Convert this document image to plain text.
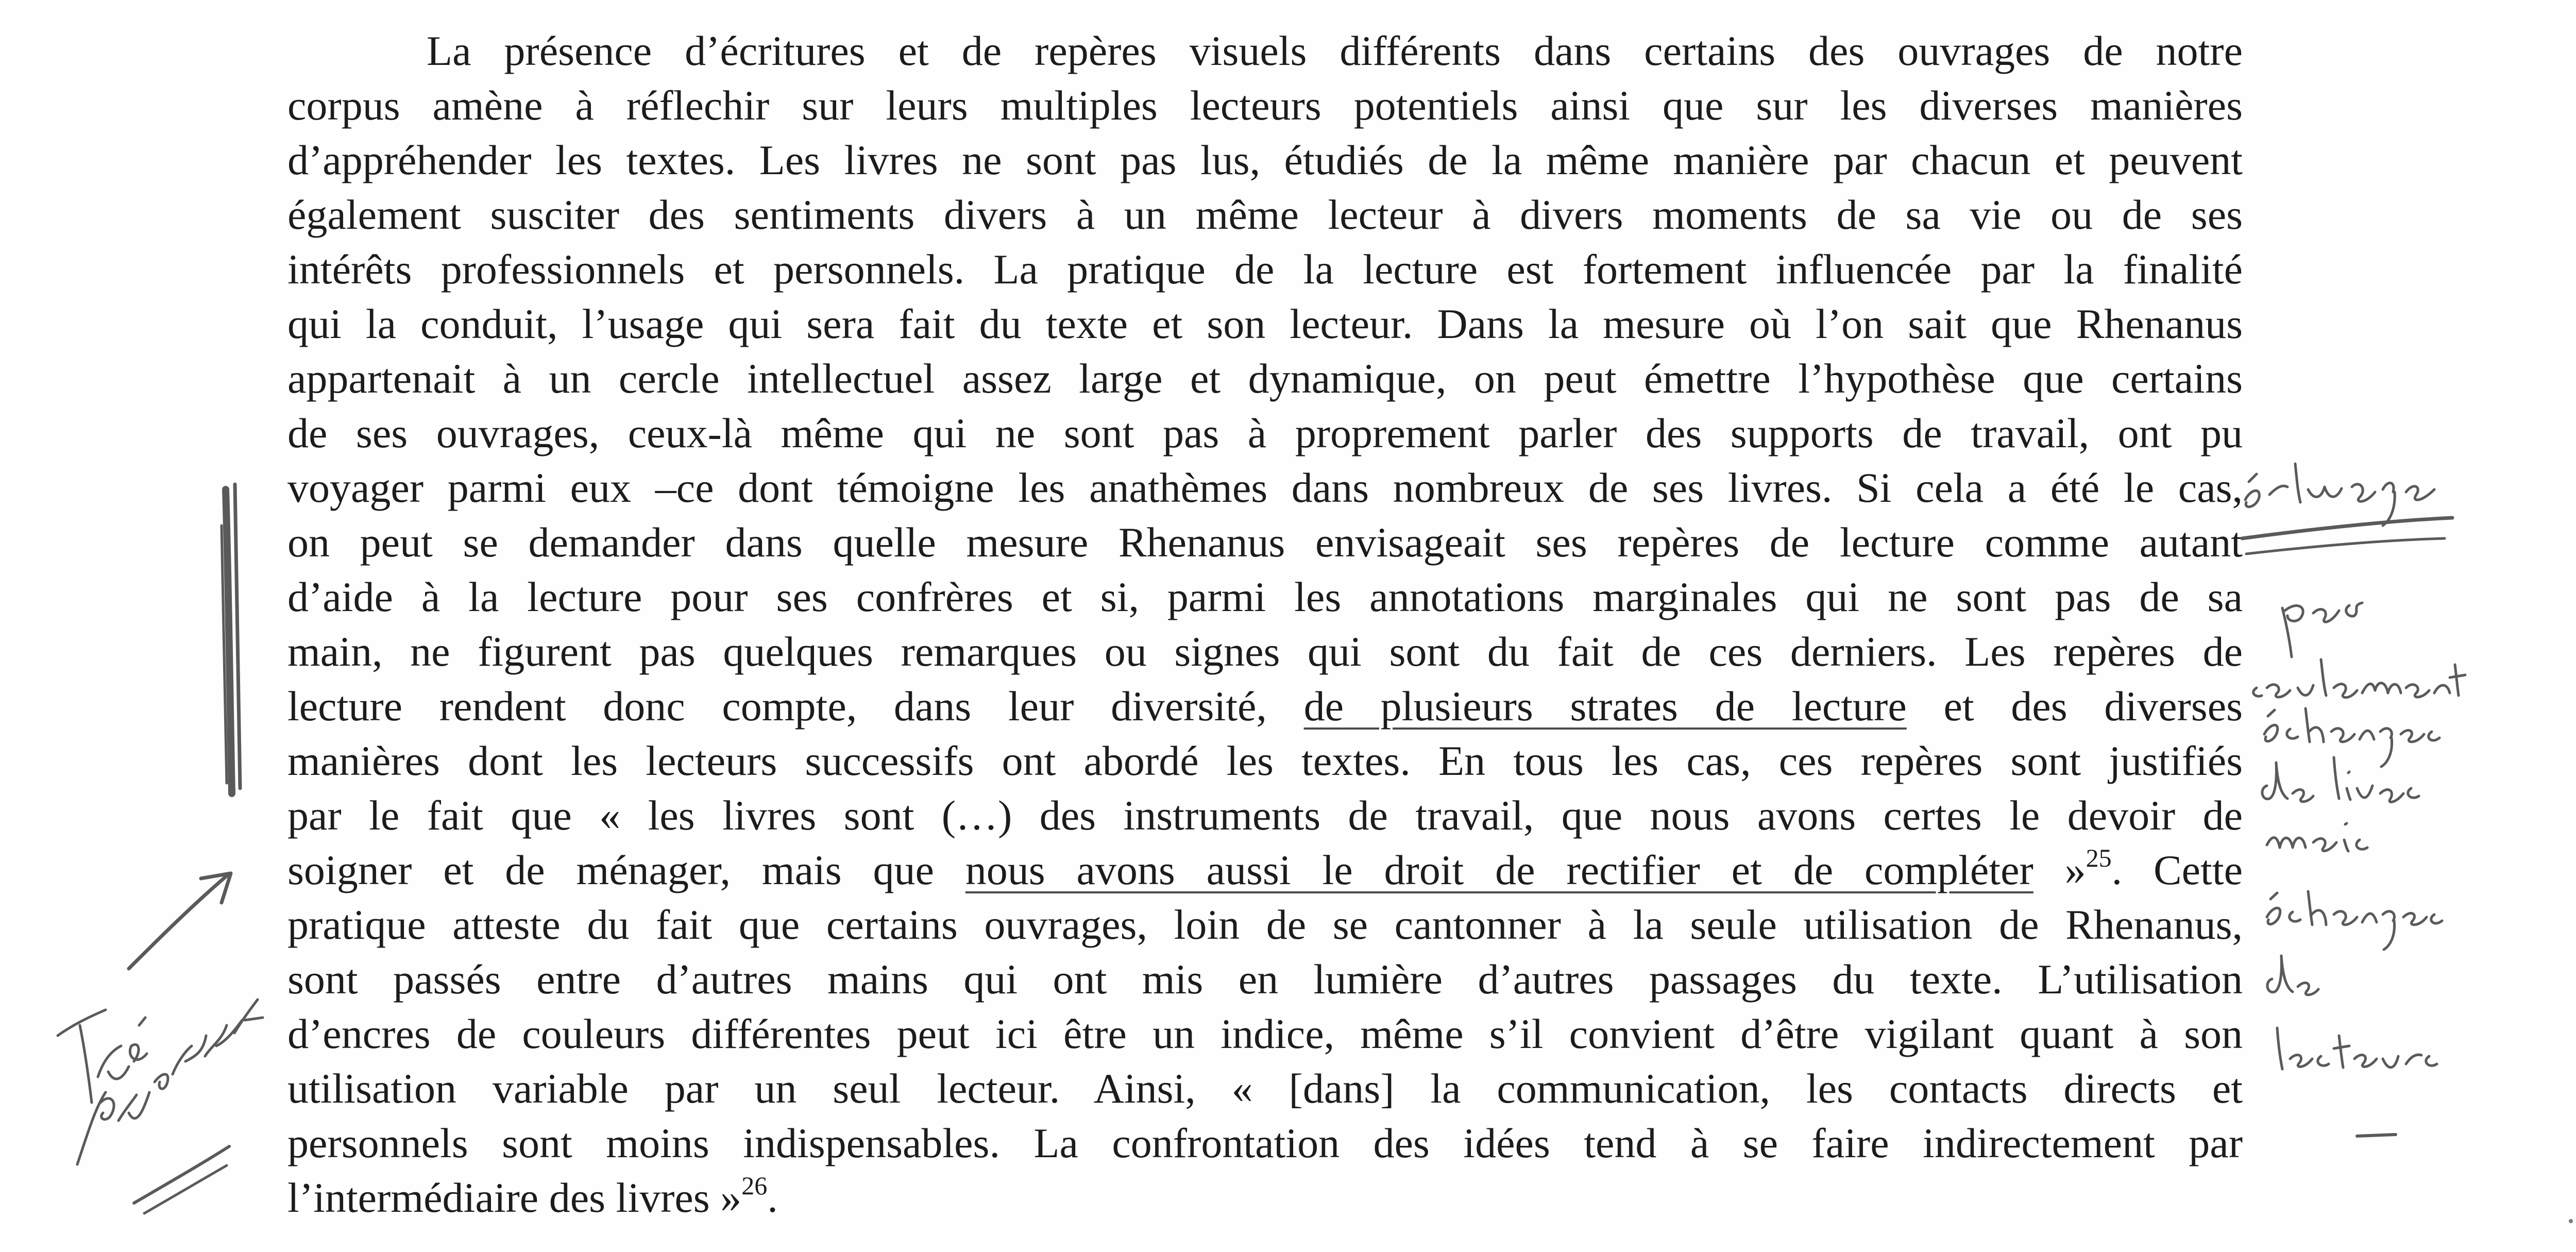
La présence d’écritures et de repères visuels différents dans certains des ouvrages de notre
corpus amène à réflechir sur leurs multiples lecteurs potentiels ainsi que sur les diverses manières
d’appréhender les textes. Les livres ne sont pas lus, étudiés de la même manière par chacun et peuvent
également susciter des sentiments divers à un même lecteur à divers moments de sa vie ou de ses
intérêts professionnels et personnels. La pratique de la lecture est fortement influencée par la finalité
qui la conduit, l’usage qui sera fait du texte et son lecteur. Dans la mesure où l’on sait que Rhenanus
appartenait à un cercle intellectuel assez large et dynamique, on peut émettre l’hypothèse que certains
de ses ouvrages, ceux-là même qui ne sont pas à proprement parler des supports de travail, ont pu
voyager parmi eux –ce dont témoigne les anathèmes dans nombreux de ses livres. Si cela a été le cas,
on peut se demander dans quelle mesure Rhenanus envisageait ses repères de lecture comme autant
d’aide à la lecture pour ses confrères et si, parmi les annotations marginales qui ne sont pas de sa
main, ne figurent pas quelques remarques ou signes qui sont du fait de ces derniers. Les repères de
lecture rendent donc compte, dans leur diversité, de plusieurs strates de lecture et des diverses
manières dont les lecteurs successifs ont abordé les textes. En tous les cas, ces repères sont justifiés
par le fait que « les livres sont (…) des instruments de travail, que nous avons certes le devoir de
soigner et de ménager, mais que nous avons aussi le droit de rectifier et de compléter »$^{25}$. Cette
pratique atteste du fait que certains ouvrages, loin de se cantonner à la seule utilisation de Rhenanus,
sont passés entre d’autres mains qui ont mis en lumière d’autres passages du texte. L’utilisation
d’encres de couleurs différentes peut ici être un indice, même s’il convient d’être vigilant quant à son
utilisation variable par un seul lecteur. Ainsi, « [dans] la communication, les contacts directs et
personnels sont moins indispensables. La confrontation des idées tend à se faire indirectement par
l’intermédiaire des livres »$^{26}$.
